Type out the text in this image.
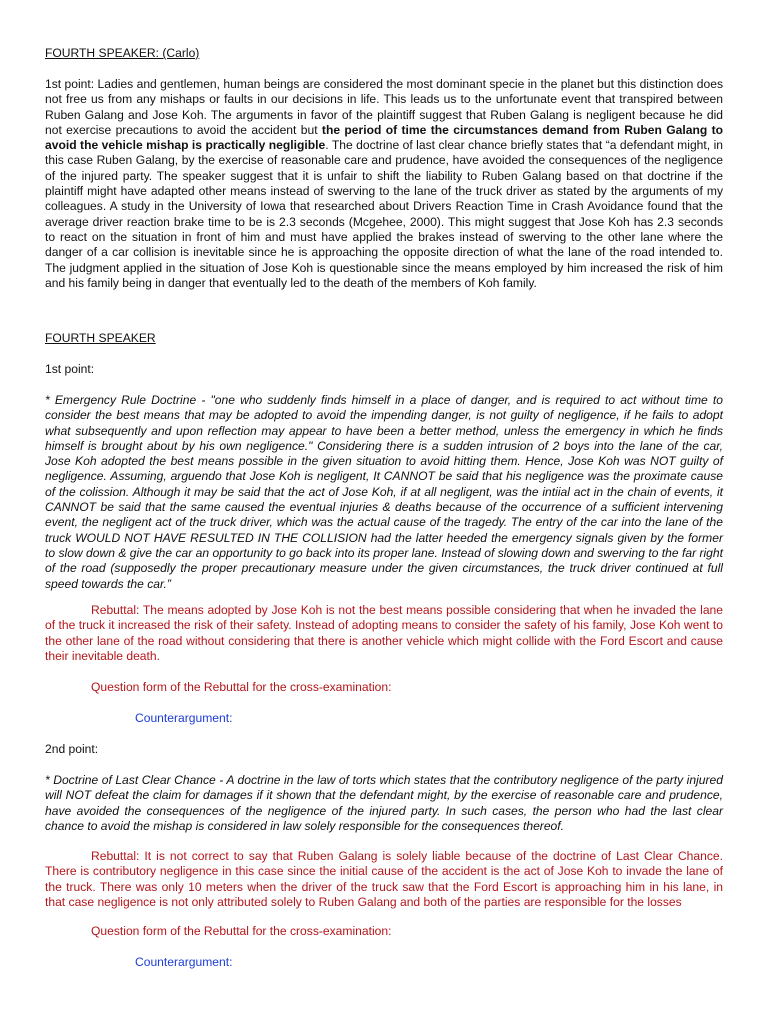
FOURTH SPEAKER: (Carlo)

1st point: Ladies and gentlemen, human beings are considered the most dominant specie in the planet but this distinction does not free us from any mishaps or faults in our decisions in life. This leads us to the unfortunate event that transpired between Ruben Galang and Jose Koh. The arguments in favor of the plaintiff suggest that Ruben Galang is negligent because he did not exercise precautions to avoid the accident but the period of time the circumstances demand from Ruben Galang to avoid the vehicle mishap is practically negligible. The doctrine of last clear chance briefly states that “a defendant might, in this case Ruben Galang, by the exercise of reasonable care and prudence, have avoided the consequences of the negligence of the injured party. The speaker suggest that it is unfair to shift the liability to Ruben Galang based on that doctrine if the plaintiff might have adapted other means instead of swerving to the lane of the truck driver as stated by the arguments of my colleagues. A study in the University of Iowa that researched about Drivers Reaction Time in Crash Avoidance found that the average driver reaction brake time to be is 2.3 seconds (Mcgehee, 2000). This might suggest that Jose Koh has 2.3 seconds to react on the situation in front of him and must have applied the brakes instead of swerving to the other lane where the danger of a car collision is inevitable since he is approaching the opposite direction of what the lane of the road intended to. The judgment applied in the situation of Jose Koh is questionable since the means employed by him increased the risk of him and his family being in danger that eventually led to the death of the members of Koh family.

FOURTH SPEAKER

1st point:

* Emergency Rule Doctrine - "one who suddenly finds himself in a place of danger, and is required to act without time to consider the best means that may be adopted to avoid the impending danger, is not guilty of negligence, if he fails to adopt what subsequently and upon reflection may appear to have been a better method, unless the emergency in which he finds himself is brought about by his own negligence." Considering there is a sudden intrusion of 2 boys into the lane of the car, Jose Koh adopted the best means possible in the given situation to avoid hitting them. Hence, Jose Koh was NOT guilty of negligence. Assuming, arguendo that Jose Koh is negligent, It CANNOT be said that his negligence was the proximate cause of the colission. Although it may be said that the act of Jose Koh, if at all negligent, was the intiial act in the chain of events, it CANNOT be said that the same caused the eventual injuries & deaths because of the occurrence of a sufficient intervening event, the negligent act of the truck driver, which was the actual cause of the tragedy. The entry of the car into the lane of the truck WOULD NOT HAVE RESULTED IN THE COLLISION had the latter heeded the emergency signals given by the former to slow down & give the car an opportunity to go back into its proper lane. Instead of slowing down and swerving to the far right of the road (supposedly the proper precautionary measure under the given circumstances, the truck driver continued at full speed towards the car.”

Rebuttal: The means adopted by Jose Koh is not the best means possible considering that when he invaded the lane of the truck it increased the risk of their safety. Instead of adopting means to consider the safety of his family, Jose Koh went to the other lane of the road without considering that there is another vehicle which might collide with the Ford Escort and cause their inevitable death.

Question form of the Rebuttal for the cross-examination:

Counterargument:

2nd point:

* Doctrine of Last Clear Chance - A doctrine in the law of torts which states that the contributory negligence of the party injured will NOT defeat the claim for damages if it shown that the defendant might, by the exercise of reasonable care and prudence, have avoided the consequences of the negligence of the injured party. In such cases, the person who had the last clear chance to avoid the mishap is considered in law solely responsible for the consequences thereof.

Rebuttal: It is not correct to say that Ruben Galang is solely liable because of the doctrine of Last Clear Chance. There is contributory negligence in this case since the initial cause of the accident is the act of Jose Koh to invade the lane of the truck. There was only 10 meters when the driver of the truck saw that the Ford Escort is approaching him in his lane, in that case negligence is not only attributed solely to Ruben Galang and both of the parties are responsible for the losses

Question form of the Rebuttal for the cross-examination:

Counterargument:
